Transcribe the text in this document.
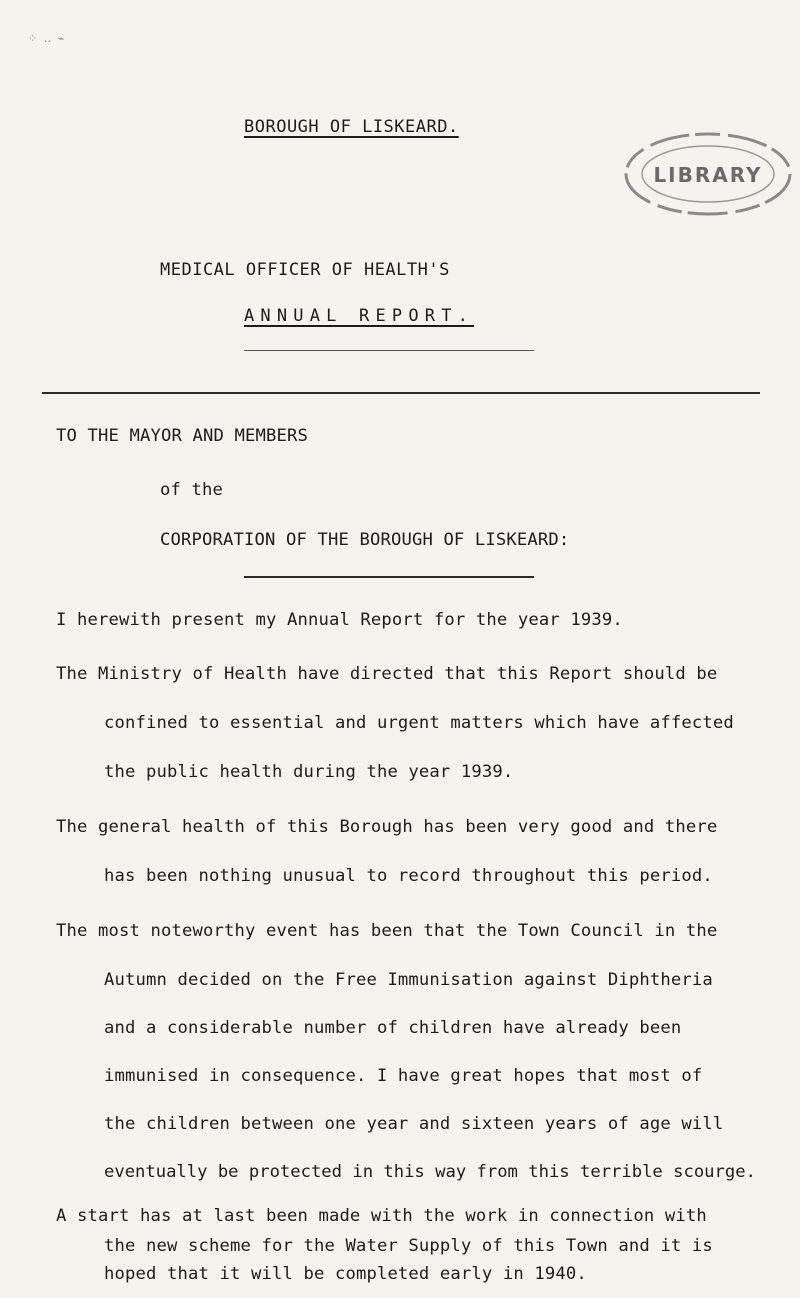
⁘ ‥ ⌁
BOROUGH OF LISKEARD.
LIBRARY
MEDICAL OFFICER OF HEALTH'S
ANNUAL REPORT.
TO THE MAYOR AND MEMBERS
of the
CORPORATION OF THE BOROUGH OF LISKEARD:
I herewith present my Annual Report for the year 1939.
The Ministry of Health have directed that this Report should be
confined to essential and urgent matters which have affected
the public health during the year 1939.
The general health of this Borough has been very good and there
has been nothing unusual to record throughout this period.
The most noteworthy event has been that the Town Council in the
Autumn decided on the Free Immunisation against Diphtheria
and a considerable number of children have already been
immunised in consequence. I have great hopes that most of
the children between one year and sixteen years of age will
eventually be protected in this way from this terrible scourge.
A start has at last been made with the work in connection with
the new scheme for the Water Supply of this Town and it is
hoped that it will be completed early in 1940.
